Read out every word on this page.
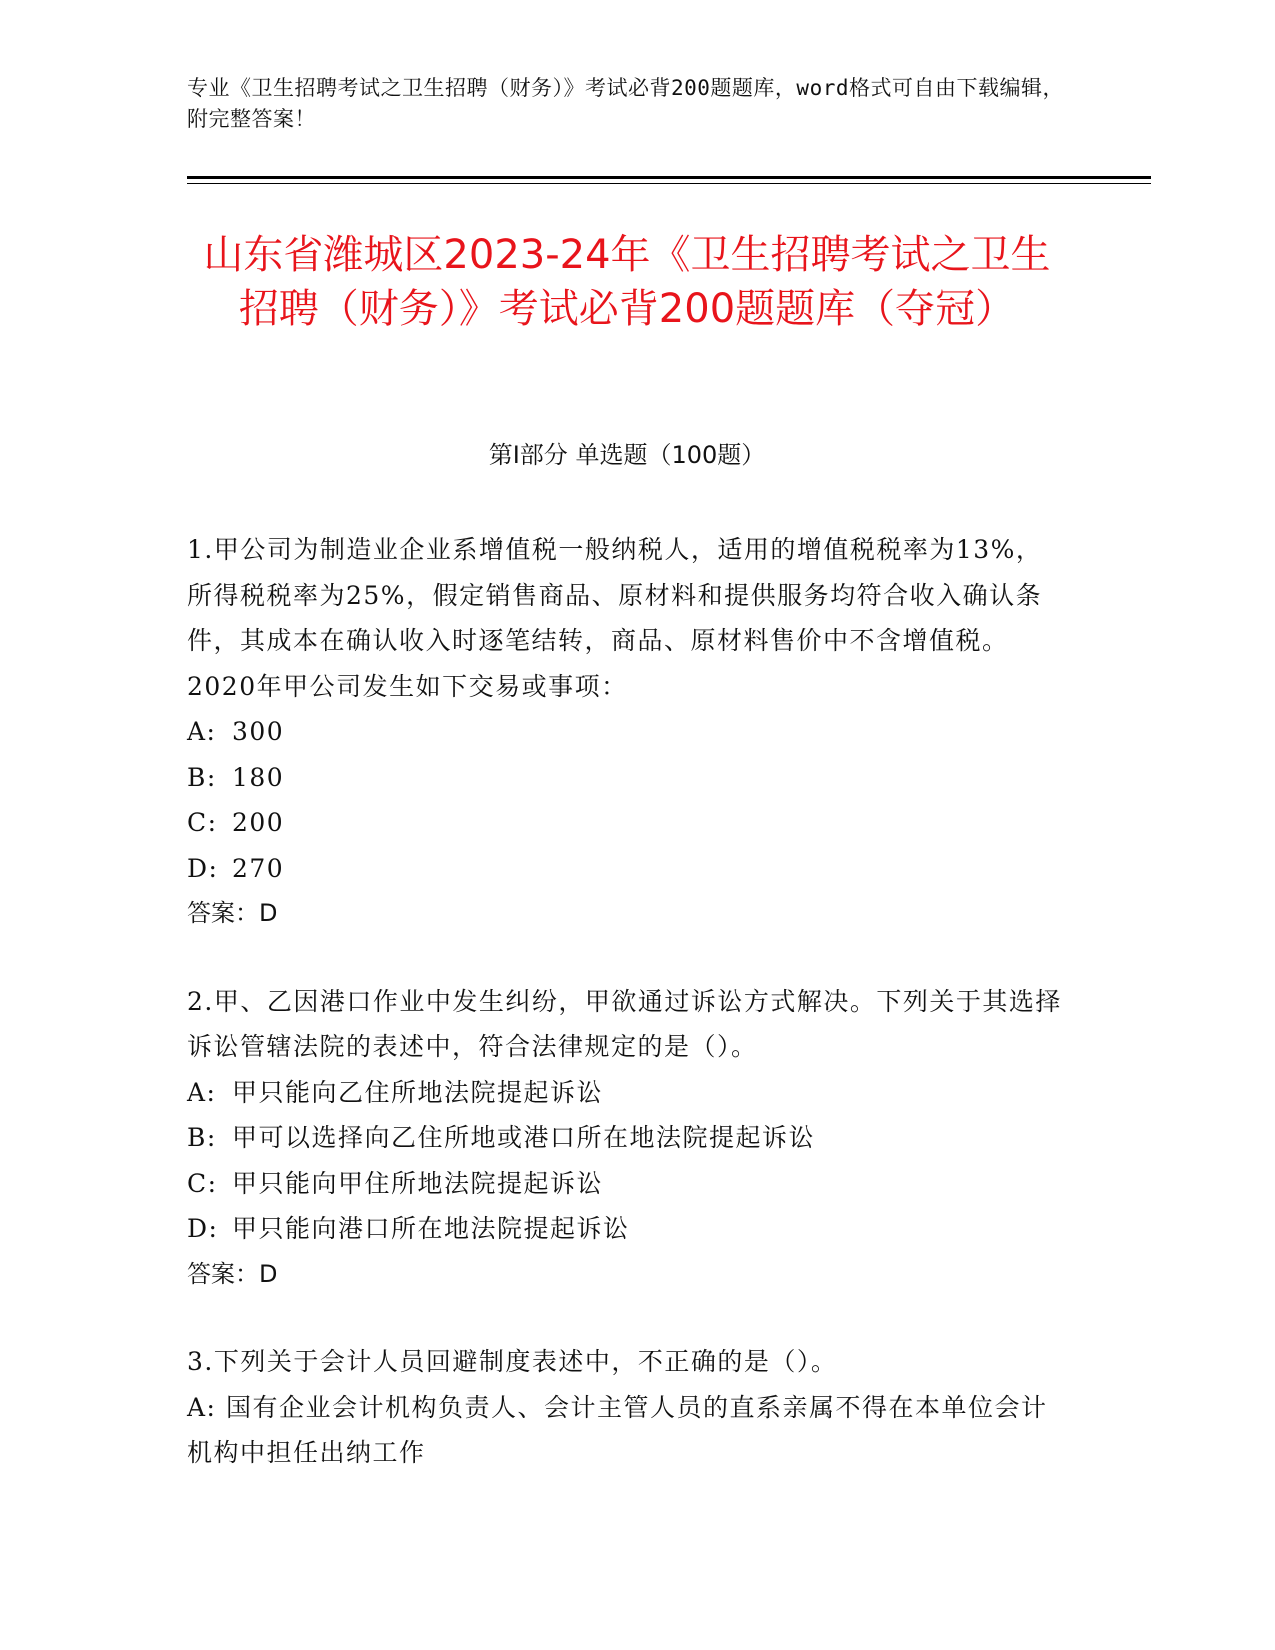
专业《卫生招聘考试之卫生招聘（财务）》考试必背200题题库，word格式可自由下载编辑，附完整答案！
山东省潍城区2023-24年《卫生招聘考试之卫生招聘（财务）》考试必背200题题库（夺冠）
第I部分 单选题（100题）

1.甲公司为制造业企业系增值税一般纳税人，适用的增值税税率为13%，所得税税率为25%，假定销售商品、原材料和提供服务均符合收入确认条件，其成本在确认收入时逐笔结转，商品、原材料售价中不含增值税。2020年甲公司发生如下交易或事项：

A: 300

B: 180

C: 200

D: 270

答案：D

2.甲、乙因港口作业中发生纠纷，甲欲通过诉讼方式解决。下列关于其选择诉讼管辖法院的表述中，符合法律规定的是（）。

A: 甲只能向乙住所地法院提起诉讼

B: 甲可以选择向乙住所地或港口所在地法院提起诉讼

C: 甲只能向甲住所地法院提起诉讼

D: 甲只能向港口所在地法院提起诉讼

答案：D

3.下列关于会计人员回避制度表述中，不正确的是（）。

A: 国有企业会计机构负责人、会计主管人员的直系亲属不得在本单位会计机构中担任出纳工作
